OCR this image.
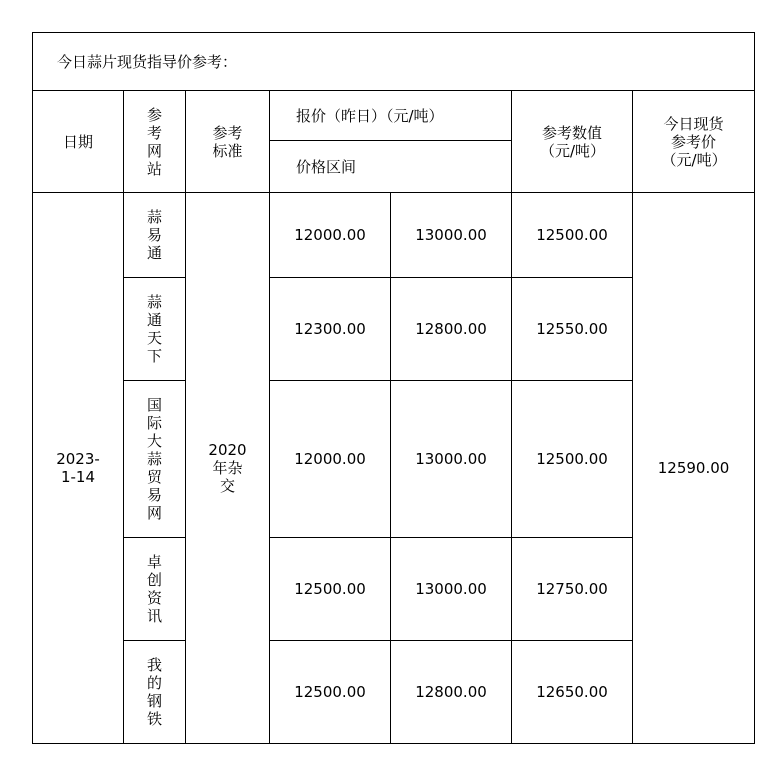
今日蒜片现货指导价参考：						
日期	参考网站	参考标准	报价（昨日）（元/吨）		参考数值（元/吨）	今日现货参考价（元/吨）

			价格区间			

2023-1-14	蒜易通	2020年杂交	12000.00	13000.00	12500.00	12590.00

	蒜通天下		12300.00	12800.00	12550.00	

	国际大蒜贸易网		12000.00	13000.00	12500.00	

	卓创资讯		12500.00	13000.00	12750.00	

	我的钢铁		12500.00	12800.00	12650.00	
